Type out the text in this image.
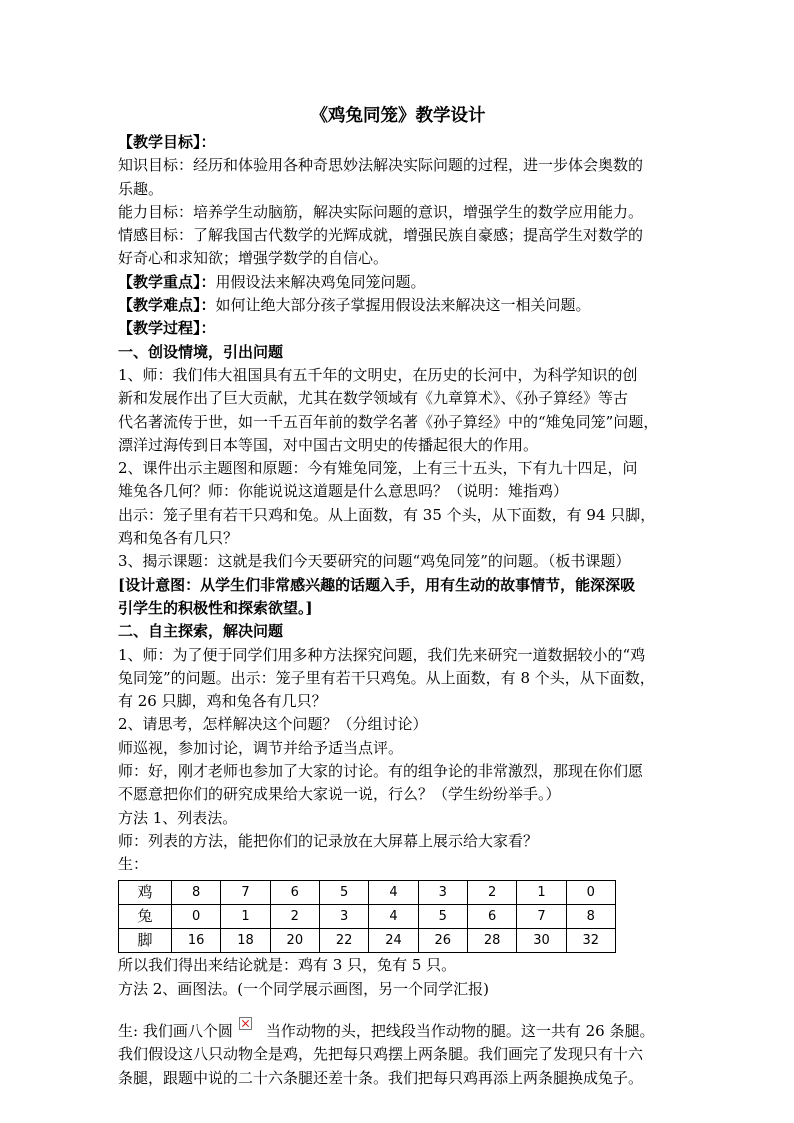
《鸡兔同笼》教学设计

【教学目标】：

知识目标：经历和体验用各种奇思妙法解决实际问题的过程，进一步体会奥数的

乐趣。

能力目标：培养学生动脑筋，解决实际问题的意识，增强学生的数学应用能力。

情感目标：了解我国古代数学的光辉成就，增强民族自豪感；提高学生对数学的

好奇心和求知欲；增强学数学的自信心。

【教学重点】：用假设法来解决鸡兔同笼问题。

【教学难点】：如何让绝大部分孩子掌握用假设法来解决这一相关问题。

【教学过程】：

一、创设情境，引出问题

1、师：我们伟大祖国具有五千年的文明史，在历史的长河中，为科学知识的创

新和发展作出了巨大贡献，尤其在数学领域有《九章算术》、《孙子算经》等古

代名著流传于世，如一千五百年前的数学名著《孙子算经》中的“雉兔同笼”问题，

漂洋过海传到日本等国，对中国古文明史的传播起很大的作用。

2、课件出示主题图和原题：今有雉兔同笼，上有三十五头，下有九十四足，问

雉兔各几何？师：你能说说这道题是什么意思吗？（说明：雉指鸡）

出示：笼子里有若干只鸡和兔。从上面数，有 35 个头，从下面数，有 94 只脚，

鸡和兔各有几只？

3、揭示课题：这就是我们今天要研究的问题“鸡兔同笼”的问题。（板书课题）

[设计意图：从学生们非常感兴趣的话题入手，用有生动的故事情节，能深深吸

引学生的积极性和探索欲望。]

二、自主探索，解决问题

1、师：为了便于同学们用多种方法探究问题，我们先来研究一道数据较小的“鸡

兔同笼”的问题。出示：笼子里有若干只鸡兔。从上面数，有 8 个头，从下面数，

有 26 只脚，鸡和兔各有几只？

2、请思考，怎样解决这个问题？（分组讨论）

师巡视，参加讨论，调节并给予适当点评。

师：好，刚才老师也参加了大家的讨论。有的组争论的非常激烈，那现在你们愿

不愿意把你们的研究成果给大家说一说，行么？（学生纷纷举手。）

方法 1、列表法。

师：列表的方法，能把你们的记录放在大屏幕上展示给大家看？

生：

鸡	8	7	6	5	4	3	2	1	0
兔	0	1	2	3	4	5	6	7	8
脚	16	18	20	22	24	26	28	30	32

所以我们得出来结论就是：鸡有 3 只，兔有 5 只。

方法 2、画图法。(一个同学展示画图，另一个同学汇报)

生: 我们画八个圆 当作动物的头，把线段当作动物的腿。这一共有 26 条腿。

我们假设这八只动物全是鸡，先把每只鸡摆上两条腿。我们画完了发现只有十六

条腿，跟题中说的二十六条腿还差十条。我们把每只鸡再添上两条腿换成兔子。
